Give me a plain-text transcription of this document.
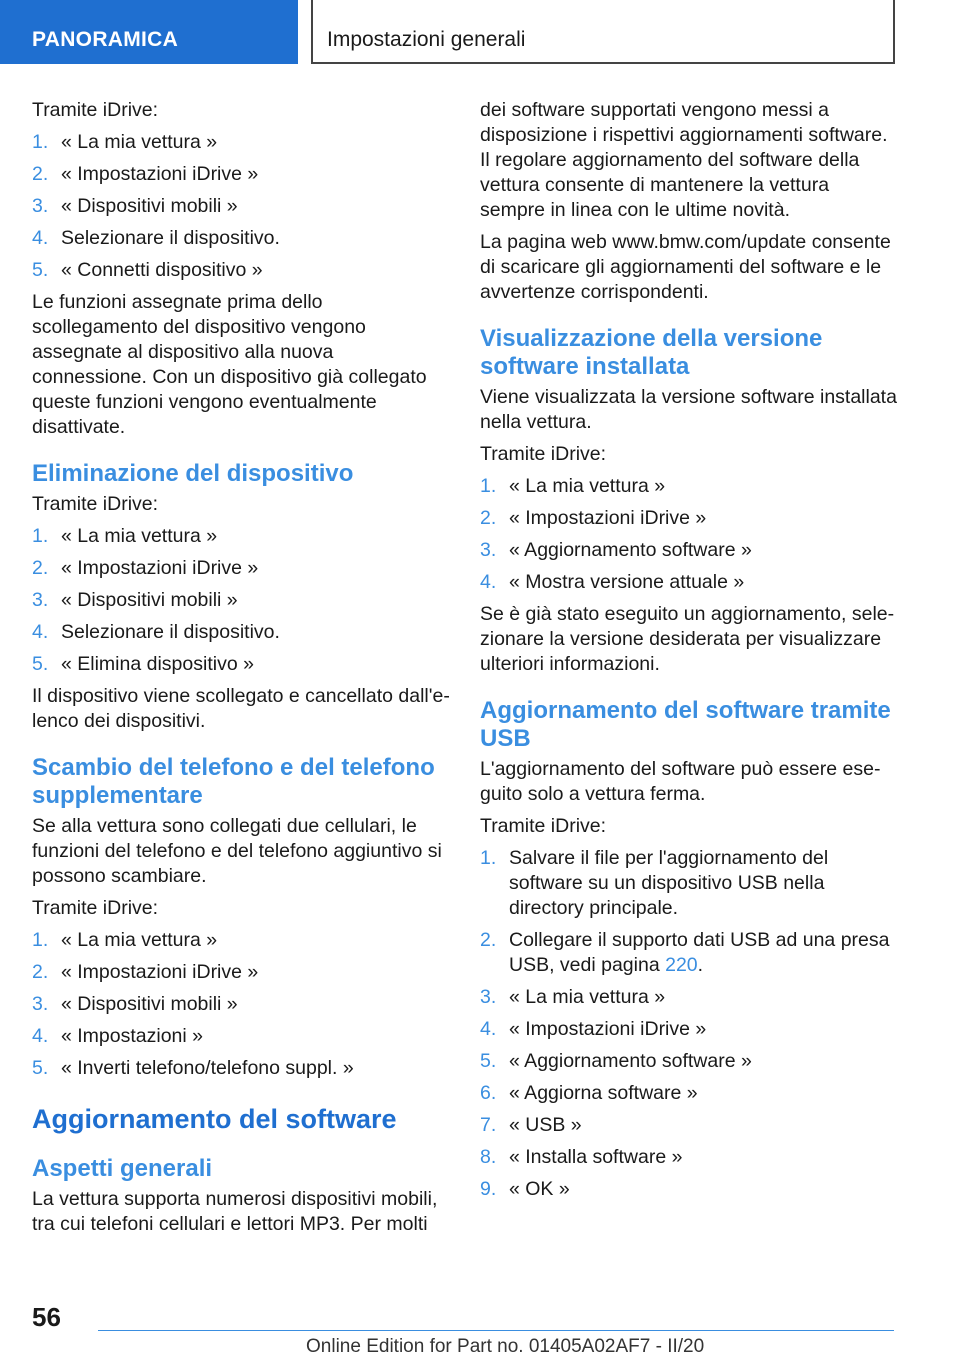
PANORAMICA	Impostazioni generali

Tramite iDrive:

1. « La mia vettura »
2. « Impostazioni iDrive »
3. « Dispositivi mobili »
4. Selezionare il dispositivo.
5. « Connetti dispositivo »

Le funzioni assegnate prima dello scollegamento del dispositivo vengono assegnate al dispositivo alla nuova connessione. Con un dispositivo già collegato queste funzioni vengono eventualmente disattivate.

Eliminazione del dispositivo

Tramite iDrive:

1. « La mia vettura »
2. « Impostazioni iDrive »
3. « Dispositivi mobili »
4. Selezionare il dispositivo.
5. « Elimina dispositivo »

Il dispositivo viene scollegato e cancellato dall'elenco dei dispositivi.

Scambio del telefono e del telefono supplementare

Se alla vettura sono collegati due cellulari, le funzioni del telefono e del telefono aggiuntivo si possono scambiare.

Tramite iDrive:

1. « La mia vettura »
2. « Impostazioni iDrive »
3. « Dispositivi mobili »
4. « Impostazioni »
5. « Inverti telefono/telefono suppl. »
Aggiornamento del software
Aspetti generali

La vettura supporta numerosi dispositivi mobili, tra cui telefoni cellulari e lettori MP3. Per molti

dei software supportati vengono messi a disposizione i rispettivi aggiornamenti software. Il regolare aggiornamento del software della vettura consente di mantenere la vettura sempre in linea con le ultime novità.

La pagina web www.bmw.com/update consente di scaricare gli aggiornamenti del software e le avvertenze corrispondenti.

Visualizzazione della versione software installata

Viene visualizzata la versione software installata nella vettura.

Tramite iDrive:

1. « La mia vettura »
2. « Impostazioni iDrive »
3. « Aggiornamento software »
4. « Mostra versione attuale »

Se è già stato eseguito un aggiornamento, selezionare la versione desiderata per visualizzare ulteriori informazioni.

Aggiornamento del software tramite USB

L'aggiornamento del software può essere eseguito solo a vettura ferma.

Tramite iDrive:

1. Salvare il file per l'aggiornamento del software su un dispositivo USB nella directory principale.
2. Collegare il supporto dati USB ad una presa USB, vedi pagina 220.
3. « La mia vettura »
4. « Impostazioni iDrive »
5. « Aggiornamento software »
6. « Aggiorna software »
7. « USB »
8. « Installa software »
9. « OK »
56
Online Edition for Part no. 01405A02AF7 - II/20
